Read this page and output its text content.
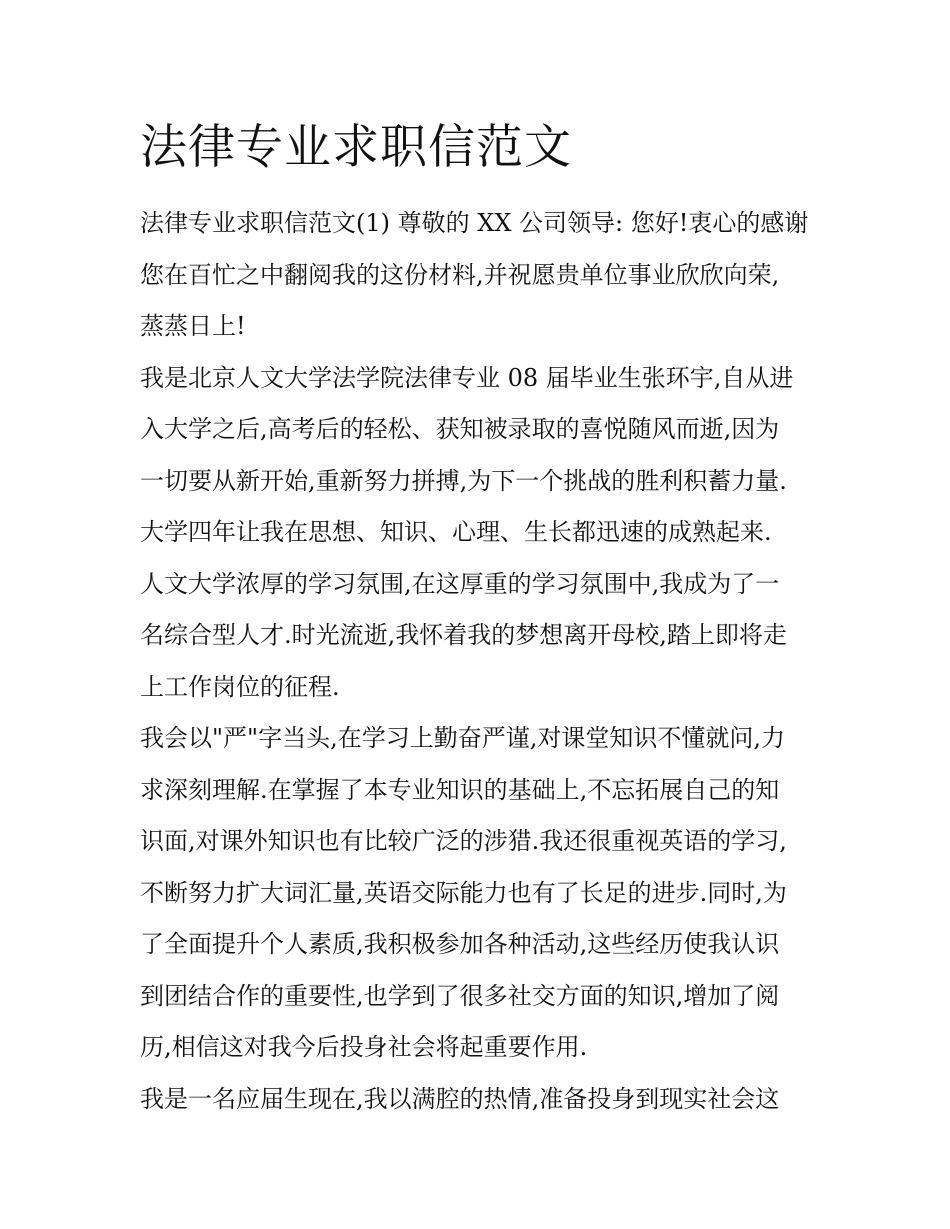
法律专业求职信范文
法律专业求职信范文(1) 尊敬的 XX 公司领导: 您好!衷心的感谢
您在百忙之中翻阅我的这份材料,并祝愿贵单位事业欣欣向荣,
蒸蒸日上!
我是北京人文大学法学院法律专业 08 届毕业生张环宇,自从进
入大学之后,高考后的轻松、获知被录取的喜悦随风而逝,因为
一切要从新开始,重新努力拼搏,为下一个挑战的胜利积蓄力量.
大学四年让我在思想、知识、心理、生长都迅速的成熟起来.
人文大学浓厚的学习氛围,在这厚重的学习氛围中,我成为了一
名综合型人才.时光流逝,我怀着我的梦想离开母校,踏上即将走
上工作岗位的征程.
我会以"严"字当头,在学习上勤奋严谨,对课堂知识不懂就问,力
求深刻理解.在掌握了本专业知识的基础上,不忘拓展自己的知
识面,对课外知识也有比较广泛的涉猎.我还很重视英语的学习,
不断努力扩大词汇量,英语交际能力也有了长足的进步.同时,为
了全面提升个人素质,我积极参加各种活动,这些经历使我认识
到团结合作的重要性,也学到了很多社交方面的知识,增加了阅
历,相信这对我今后投身社会将起重要作用.
我是一名应届生现在,我以满腔的热情,准备投身到现实社会这
